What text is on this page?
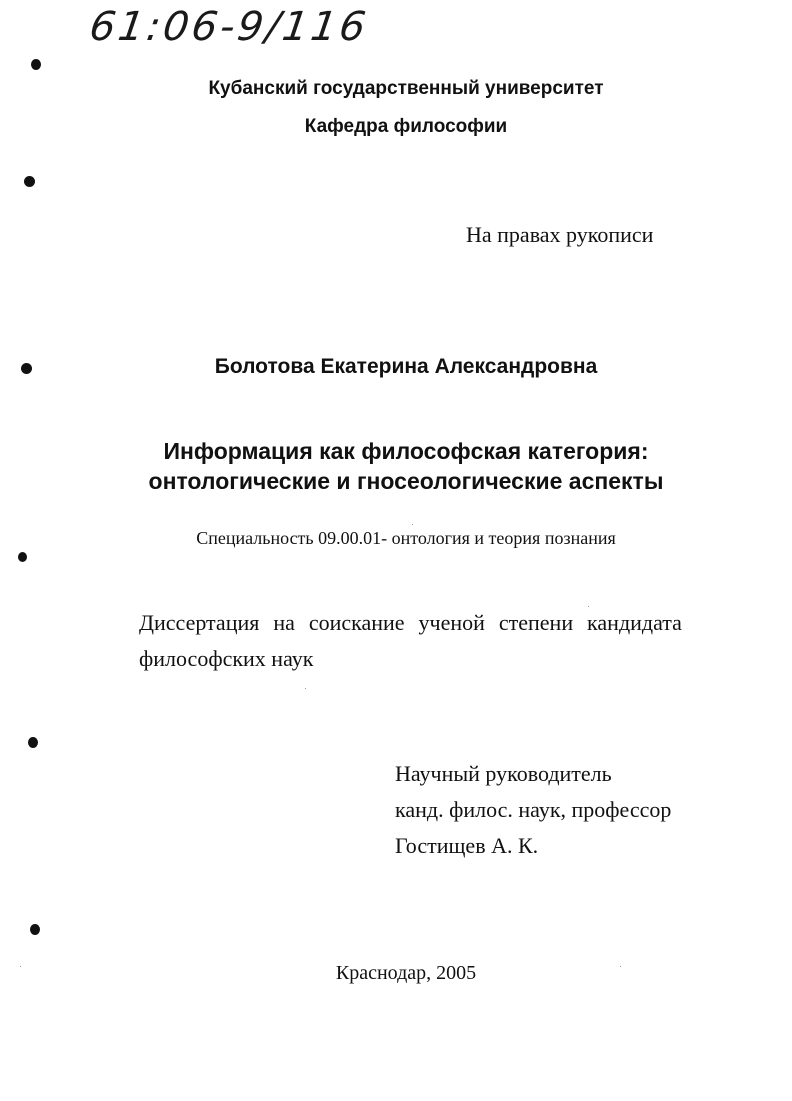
61:06-9/116
Кубанский государственный университет
Кафедра философии
На правах рукописи
Болотова Екатерина Александровна
Информация как философская категория:
онтологические и гносеологические аспекты
Специальность 09.00.01- онтология и теория познания
Диссертация на соискание ученой степени кандидата
философских наук
Научный руководитель
канд. филос. наук, профессор
Гостищев А. К.
Краснодар, 2005
